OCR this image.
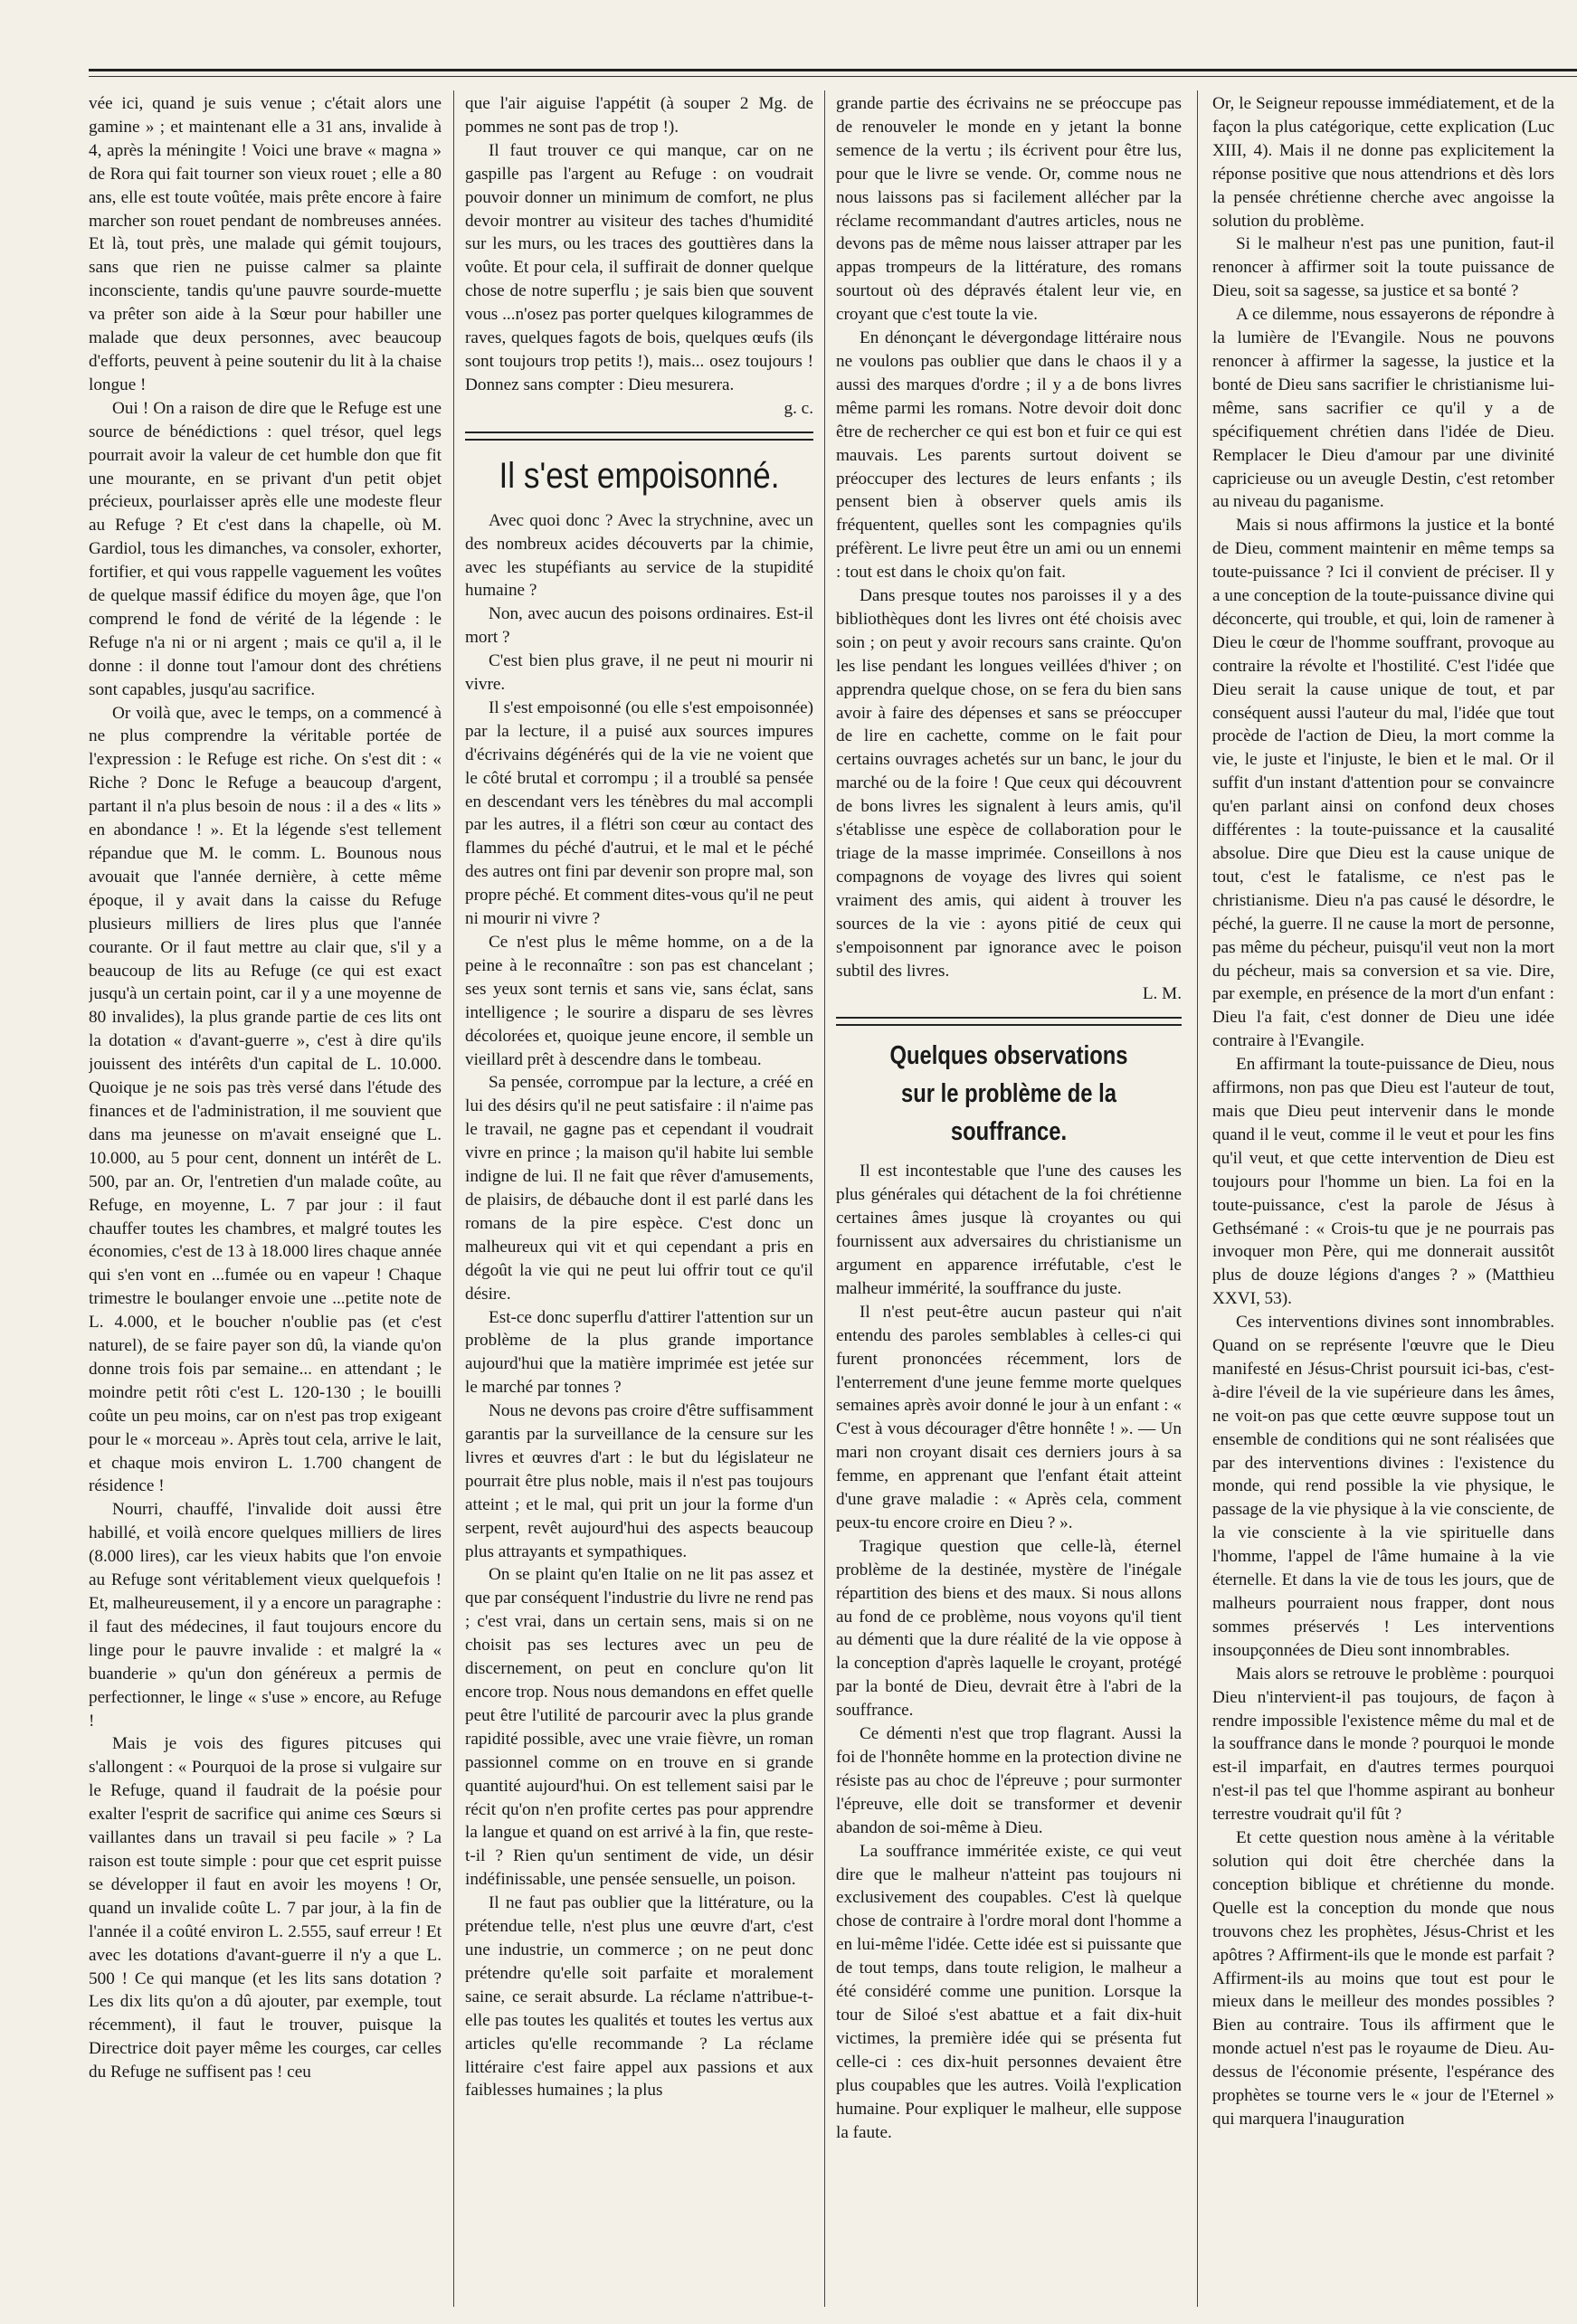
vée ici, quand je suis venue ; c'était alors une gamine » ; et maintenant elle a 31 ans, invalide à 4, après la méningite ! Voici une brave « magna » de Rora qui fait tourner son vieux rouet ; elle a 80 ans, elle est toute voûtée, mais prête encore à faire marcher son rouet pendant de nombreuses années. Et là, tout près, une malade qui gémit toujours, sans que rien ne puisse calmer sa plainte inconsciente, tandis qu'une pauvre sourde-muette va prêter son aide à la Sœur pour habiller une malade que deux personnes, avec beaucoup d'efforts, peuvent à peine soutenir du lit à la chaise longue !

Oui ! On a raison de dire que le Refuge est une source de bénédictions : quel trésor, quel legs pourrait avoir la valeur de cet humble don que fit une mourante, en se privant d'un petit objet précieux, pourlaisser après elle une modeste fleur au Refuge ? Et c'est dans la chapelle, où M. Gardiol, tous les dimanches, va consoler, exhorter, fortifier, et qui vous rappelle vaguement les voûtes de quelque massif édifice du moyen âge, que l'on comprend le fond de vérité de la légende : le Refuge n'a ni or ni argent ; mais ce qu'il a, il le donne : il donne tout l'amour dont des chrétiens sont capables, jusqu'au sacrifice.

Or voilà que, avec le temps, on a commencé à ne plus comprendre la véritable portée de l'expression : le Refuge est riche. On s'est dit : « Riche ? Donc le Refuge a beaucoup d'argent, partant il n'a plus besoin de nous : il a des « lits » en abondance ! ». Et la légende s'est tellement répandue que M. le comm. L. Bounous nous avouait que l'année dernière, à cette même époque, il y avait dans la caisse du Refuge plusieurs milliers de lires plus que l'année courante. Or il faut mettre au clair que, s'il y a beaucoup de lits au Refuge (ce qui est exact jusqu'à un certain point, car il y a une moyenne de 80 invalides), la plus grande partie de ces lits ont la dotation « d'avant-guerre », c'est à dire qu'ils jouissent des intérêts d'un capital de L. 10.000. Quoique je ne sois pas très versé dans l'étude des finances et de l'administration, il me souvient que dans ma jeunesse on m'avait enseigné que L. 10.000, au 5 pour cent, donnent un intérêt de L. 500, par an. Or, l'entretien d'un malade coûte, au Refuge, en moyenne, L. 7 par jour : il faut chauffer toutes les chambres, et malgré toutes les économies, c'est de 13 à 18.000 lires chaque année qui s'en vont en ...fumée ou en vapeur ! Chaque trimestre le boulanger envoie une ...petite note de L. 4.000, et le boucher n'oublie pas (et c'est naturel), de se faire payer son dû, la viande qu'on donne trois fois par semaine... en attendant ; le moindre petit rôti c'est L. 120-130 ; le bouilli coûte un peu moins, car on n'est pas trop exigeant pour le « morceau ». Après tout cela, arrive le lait, et chaque mois environ L. 1.700 changent de résidence !

Nourri, chauffé, l'invalide doit aussi être habillé, et voilà encore quelques milliers de lires (8.000 lires), car les vieux habits que l'on envoie au Refuge sont véritablement vieux quelquefois ! Et, malheureusement, il y a encore un paragraphe : il faut des médecines, il faut toujours encore du linge pour le pauvre invalide : et malgré la « buanderie » qu'un don généreux a permis de perfectionner, le linge « s'use » encore, au Refuge !

Mais je vois des figures pitcuses qui s'allongent : « Pourquoi de la prose si vulgaire sur le Refuge, quand il faudrait de la poésie pour exalter l'esprit de sacrifice qui anime ces Sœurs si vaillantes dans un travail si peu facile » ? La raison est toute simple : pour que cet esprit puisse se développer il faut en avoir les moyens ! Or, quand un invalide coûte L. 7 par jour, à la fin de l'année il a coûté environ L. 2.555, sauf erreur ! Et avec les dotations d'avant-guerre il n'y a que L. 500 ! Ce qui manque (et les lits sans dotation ? Les dix lits qu'on a dû ajouter, par exemple, tout récemment), il faut le trouver, puisque la Directrice doit payer même les courges, car celles du Refuge ne suffisent pas ! ceu

que l'air aiguise l'appétit (à souper 2 Mg. de pommes ne sont pas de trop !).

Il faut trouver ce qui manque, car on ne gaspille pas l'argent au Refuge : on voudrait pouvoir donner un minimum de comfort, ne plus devoir montrer au visiteur des taches d'humidité sur les murs, ou les traces des gouttières dans la voûte. Et pour cela, il suffirait de donner quelque chose de notre superflu ; je sais bien que souvent vous ...n'osez pas porter quelques kilogrammes de raves, quelques fagots de bois, quelques œufs (ils sont toujours trop petits !), mais... osez toujours ! Donnez sans compter : Dieu mesurera.

g. c.

Il s'est empoisonné.

Avec quoi donc ? Avec la strychnine, avec un des nombreux acides découverts par la chimie, avec les stupéfiants au service de la stupidité humaine ?

Non, avec aucun des poisons ordinaires. Est-il mort ?

C'est bien plus grave, il ne peut ni mourir ni vivre.

Il s'est empoisonné (ou elle s'est empoisonnée) par la lecture, il a puisé aux sources impures d'écrivains dégénérés qui de la vie ne voient que le côté brutal et corrompu ; il a troublé sa pensée en descendant vers les ténèbres du mal accompli par les autres, il a flétri son cœur au contact des flammes du péché d'autrui, et le mal et le péché des autres ont fini par devenir son propre mal, son propre péché. Et comment dites-vous qu'il ne peut ni mourir ni vivre ?

Ce n'est plus le même homme, on a de la peine à le reconnaître : son pas est chancelant ; ses yeux sont ternis et sans vie, sans éclat, sans intelligence ; le sourire a disparu de ses lèvres décolorées et, quoique jeune encore, il semble un vieillard prêt à descendre dans le tombeau.

Sa pensée, corrompue par la lecture, a créé en lui des désirs qu'il ne peut satisfaire : il n'aime pas le travail, ne gagne pas et cependant il voudrait vivre en prince ; la maison qu'il habite lui semble indigne de lui. Il ne fait que rêver d'amusements, de plaisirs, de débauche dont il est parlé dans les romans de la pire espèce. C'est donc un malheureux qui vit et qui cependant a pris en dégoût la vie qui ne peut lui offrir tout ce qu'il désire.

Est-ce donc superflu d'attirer l'attention sur un problème de la plus grande importance aujourd'hui que la matière imprimée est jetée sur le marché par tonnes ?

Nous ne devons pas croire d'être suffisamment garantis par la surveillance de la censure sur les livres et œuvres d'art : le but du législateur ne pourrait être plus noble, mais il n'est pas toujours atteint ; et le mal, qui prit un jour la forme d'un serpent, revêt aujourd'hui des aspects beaucoup plus attrayants et sympathiques.

On se plaint qu'en Italie on ne lit pas assez et que par conséquent l'industrie du livre ne rend pas ; c'est vrai, dans un certain sens, mais si on ne choisit pas ses lectures avec un peu de discernement, on peut en conclure qu'on lit encore trop. Nous nous demandons en effet quelle peut être l'utilité de parcourir avec la plus grande rapidité possible, avec une vraie fièvre, un roman passionnel comme on en trouve en si grande quantité aujourd'hui. On est tellement saisi par le récit qu'on n'en profite certes pas pour apprendre la langue et quand on est arrivé à la fin, que reste-t-il ? Rien qu'un sentiment de vide, un désir indéfinissable, une pensée sensuelle, un poison.

Il ne faut pas oublier que la littérature, ou la prétendue telle, n'est plus une œuvre d'art, c'est une industrie, un commerce ; on ne peut donc prétendre qu'elle soit parfaite et moralement saine, ce serait absurde. La réclame n'attribue-t-elle pas toutes les qualités et toutes les vertus aux articles qu'elle recommande ? La réclame littéraire c'est faire appel aux passions et aux faiblesses humaines ; la plus

grande partie des écrivains ne se préoccupe pas de renouveler le monde en y jetant la bonne semence de la vertu ; ils écrivent pour être lus, pour que le livre se vende. Or, comme nous ne nous laissons pas si facilement allécher par la réclame recommandant d'autres articles, nous ne devons pas de même nous laisser attraper par les appas trompeurs de la littérature, des romans sourtout où des dépravés étalent leur vie, en croyant que c'est toute la vie.

En dénonçant le dévergondage littéraire nous ne voulons pas oublier que dans le chaos il y a aussi des marques d'ordre ; il y a de bons livres même parmi les romans. Notre devoir doit donc être de rechercher ce qui est bon et fuir ce qui est mauvais. Les parents surtout doivent se préoccuper des lectures de leurs enfants ; ils pensent bien à observer quels amis ils fréquentent, quelles sont les compagnies qu'ils préfèrent. Le livre peut être un ami ou un ennemi : tout est dans le choix qu'on fait.

Dans presque toutes nos paroisses il y a des bibliothèques dont les livres ont été choisis avec soin ; on peut y avoir recours sans crainte. Qu'on les lise pendant les longues veillées d'hiver ; on apprendra quelque chose, on se fera du bien sans avoir à faire des dépenses et sans se préoccuper de lire en cachette, comme on le fait pour certains ouvrages achetés sur un banc, le jour du marché ou de la foire ! Que ceux qui découvrent de bons livres les signalent à leurs amis, qu'il s'établisse une espèce de collaboration pour le triage de la masse imprimée. Conseillons à nos compagnons de voyage des livres qui soient vraiment des amis, qui aident à trouver les sources de la vie : ayons pitié de ceux qui s'empoisonnent par ignorance avec le poison subtil des livres.

L. M.

Quelques observations
sur le problème de la souffrance.

Il est incontestable que l'une des causes les plus générales qui détachent de la foi chrétienne certaines âmes jusque là croyantes ou qui fournissent aux adversaires du christianisme un argument en apparence irréfutable, c'est le malheur immérité, la souffrance du juste.

Il n'est peut-être aucun pasteur qui n'ait entendu des paroles semblables à celles-ci qui furent prononcées récemment, lors de l'enterrement d'une jeune femme morte quelques semaines après avoir donné le jour à un enfant : « C'est à vous décourager d'être honnête ! ». — Un mari non croyant disait ces derniers jours à sa femme, en apprenant que l'enfant était atteint d'une grave maladie : « Après cela, comment peux-tu encore croire en Dieu ? ».

Tragique question que celle-là, éternel problème de la destinée, mystère de l'inégale répartition des biens et des maux. Si nous allons au fond de ce problème, nous voyons qu'il tient au démenti que la dure réalité de la vie oppose à la conception d'après laquelle le croyant, protégé par la bonté de Dieu, devrait être à l'abri de la souffrance.

Ce démenti n'est que trop flagrant. Aussi la foi de l'honnête homme en la protection divine ne résiste pas au choc de l'épreuve ; pour surmonter l'épreuve, elle doit se transformer et devenir abandon de soi-même à Dieu.

La souffrance imméritée existe, ce qui veut dire que le malheur n'atteint pas toujours ni exclusivement des coupables. C'est là quelque chose de contraire à l'ordre moral dont l'homme a en lui-même l'idée. Cette idée est si puissante que de tout temps, dans toute religion, le malheur a été considéré comme une punition. Lorsque la tour de Siloé s'est abattue et a fait dix-huit victimes, la première idée qui se présenta fut celle-ci : ces dix-huit personnes devaient être plus coupables que les autres. Voilà l'explication humaine. Pour expliquer le malheur, elle suppose la faute.

Or, le Seigneur repousse immédiatement, et de la façon la plus catégorique, cette explication (Luc XIII, 4). Mais il ne donne pas explicitement la réponse positive que nous attendrions et dès lors la pensée chrétienne cherche avec angoisse la solution du problème.

Si le malheur n'est pas une punition, faut-il renoncer à affirmer soit la toute puissance de Dieu, soit sa sagesse, sa justice et sa bonté ?

A ce dilemme, nous essayerons de répondre à la lumière de l'Evangile. Nous ne pouvons renoncer à affirmer la sagesse, la justice et la bonté de Dieu sans sacrifier le christianisme lui-même, sans sacrifier ce qu'il y a de spécifiquement chrétien dans l'idée de Dieu. Remplacer le Dieu d'amour par une divinité capricieuse ou un aveugle Destin, c'est retomber au niveau du paganisme.

Mais si nous affirmons la justice et la bonté de Dieu, comment maintenir en même temps sa toute-puissance ? Ici il convient de préciser. Il y a une conception de la toute-puissance divine qui déconcerte, qui trouble, et qui, loin de ramener à Dieu le cœur de l'homme souffrant, provoque au contraire la révolte et l'hostilité. C'est l'idée que Dieu serait la cause unique de tout, et par conséquent aussi l'auteur du mal, l'idée que tout procède de l'action de Dieu, la mort comme la vie, le juste et l'injuste, le bien et le mal. Or il suffit d'un instant d'attention pour se convaincre qu'en parlant ainsi on confond deux choses différentes : la toute-puissance et la causalité absolue. Dire que Dieu est la cause unique de tout, c'est le fatalisme, ce n'est pas le christianisme. Dieu n'a pas causé le désordre, le péché, la guerre. Il ne cause la mort de personne, pas même du pécheur, puisqu'il veut non la mort du pécheur, mais sa conversion et sa vie. Dire, par exemple, en présence de la mort d'un enfant : Dieu l'a fait, c'est donner de Dieu une idée contraire à l'Evangile.

En affirmant la toute-puissance de Dieu, nous affirmons, non pas que Dieu est l'auteur de tout, mais que Dieu peut intervenir dans le monde quand il le veut, comme il le veut et pour les fins qu'il veut, et que cette intervention de Dieu est toujours pour l'homme un bien. La foi en la toute-puissance, c'est la parole de Jésus à Gethsémané : « Crois-tu que je ne pourrais pas invoquer mon Père, qui me donnerait aussitôt plus de douze légions d'anges ? » (Matthieu XXVI, 53).

Ces interventions divines sont innombrables. Quand on se représente l'œuvre que le Dieu manifesté en Jésus-Christ poursuit ici-bas, c'est-à-dire l'éveil de la vie supérieure dans les âmes, ne voit-on pas que cette œuvre suppose tout un ensemble de conditions qui ne sont réalisées que par des interventions divines : l'existence du monde, qui rend possible la vie physique, le passage de la vie physique à la vie consciente, de la vie consciente à la vie spirituelle dans l'homme, l'appel de l'âme humaine à la vie éternelle. Et dans la vie de tous les jours, que de malheurs pourraient nous frapper, dont nous sommes préservés ! Les interventions insoupçonnées de Dieu sont innombrables.

Mais alors se retrouve le problème : pourquoi Dieu n'intervient-il pas toujours, de façon à rendre impossible l'existence même du mal et de la souffrance dans le monde ? pourquoi le monde est-il imparfait, en d'autres termes pourquoi n'est-il pas tel que l'homme aspirant au bonheur terrestre voudrait qu'il fût ?

Et cette question nous amène à la véritable solution qui doit être cherchée dans la conception biblique et chrétienne du monde. Quelle est la conception du monde que nous trouvons chez les prophètes, Jésus-Christ et les apôtres ? Affirment-ils que le monde est parfait ? Affirment-ils au moins que tout est pour le mieux dans le meilleur des mondes possibles ? Bien au contraire. Tous ils affirment que le monde actuel n'est pas le royaume de Dieu. Au-dessus de l'économie présente, l'espérance des prophètes se tourne vers le « jour de l'Eternel » qui marquera l'inauguration
